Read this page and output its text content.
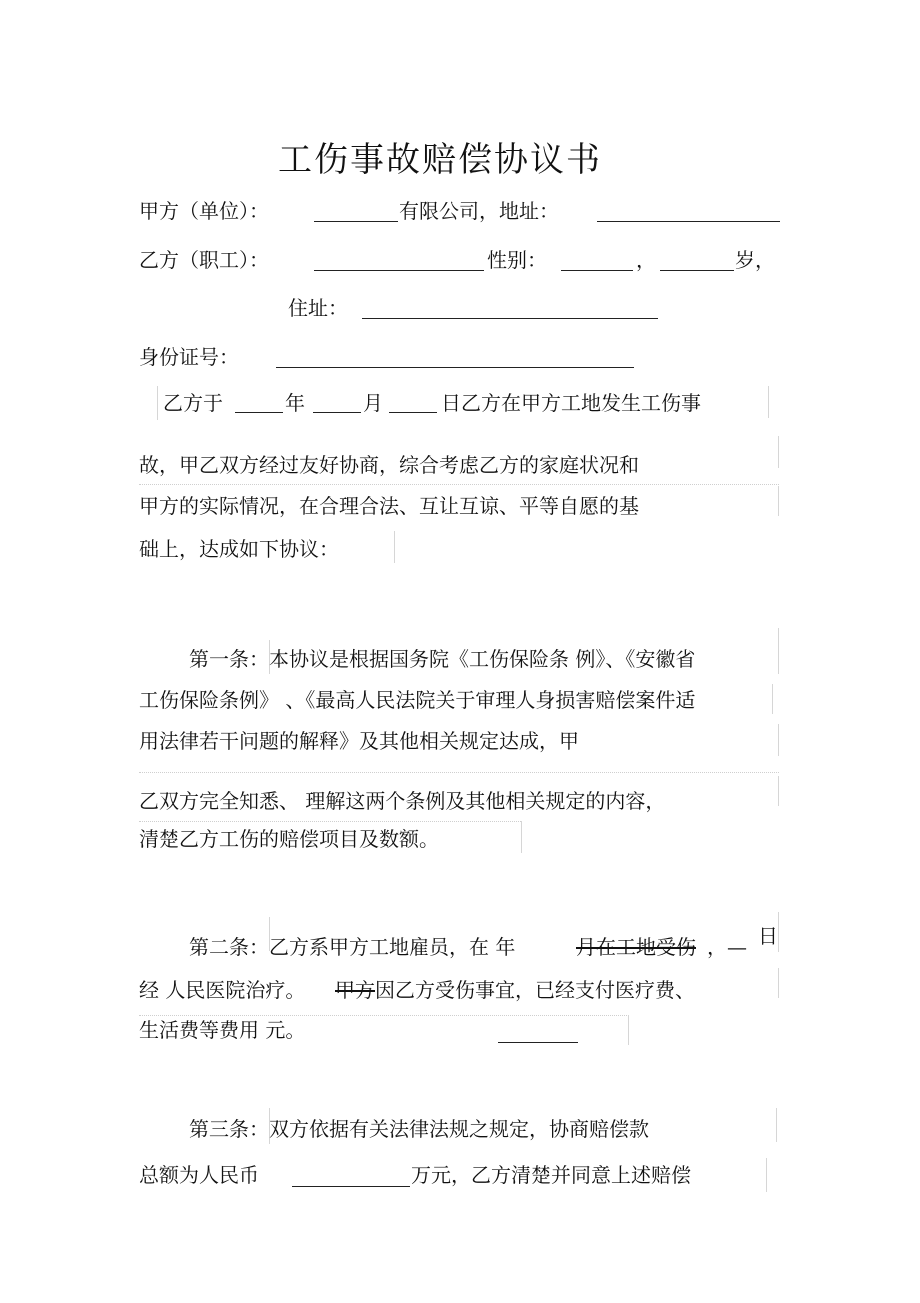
工伤事故赔偿协议书
甲方（单位）：	有限公司，地址：
乙方（职工）：	性别：	，	岁，
住址：
身份证号：
乙方于	年	月	日乙方在甲方工地发生工伤事
故，甲乙双方经过友好协商，综合考虑乙方的家庭状况和
甲方的实际情况，在合理合法、互让互谅、平等自愿的基
础上，达成如下协议：
第一条：本协议是根据国务院《工伤保险条 例》、《安徽省
工伤保险条例》 、《最高人民法院关于审理人身损害赔偿案件适
用法律若干问题的解释》及其他相关规定达成，甲
乙双方完全知悉、 理解这两个条例及其他相关规定的内容，
清楚乙方工伤的赔偿项目及数额。
第二条：乙方系甲方工地雇员，在 年	月在工地受伤 ，— 日
经 人民医院治疗。 甲方 因乙方受伤事宜，已经支付医疗费、
生活费等费用 元。
第三条：双方依据有关法律法规之规定，协商赔偿款
总额为人民币	万元，乙方清楚并同意上述赔偿
